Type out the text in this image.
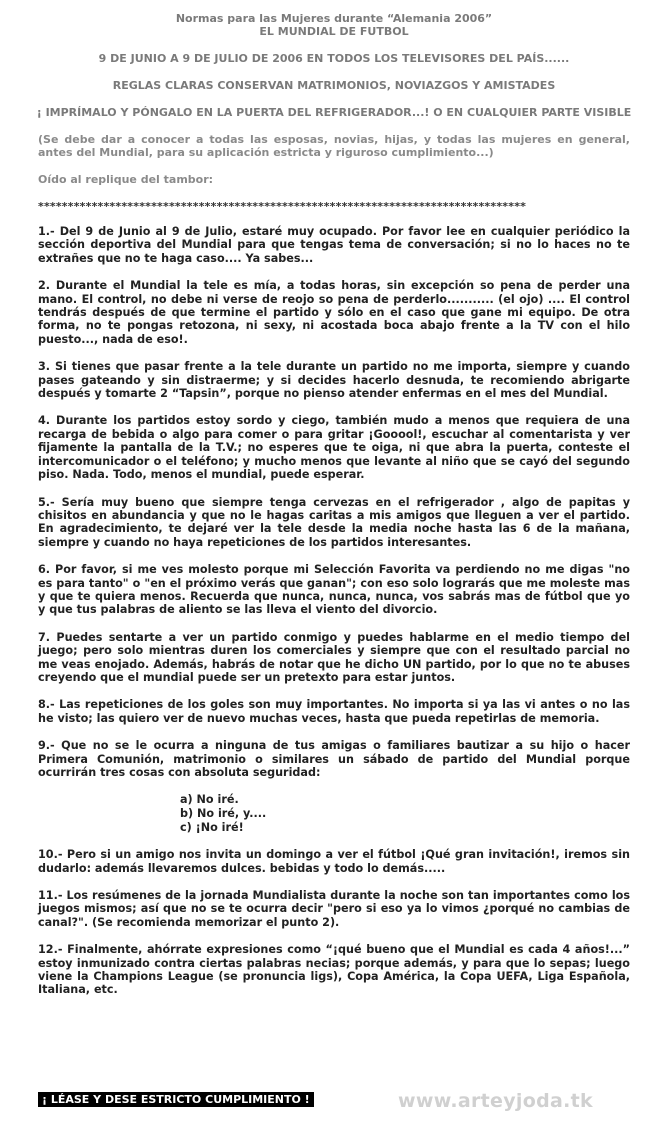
Normas para las Mujeres durante “Alemania 2006”
EL MUNDIAL DE FUTBOL
9 DE JUNIO A 9 DE JULIO DE 2006 EN TODOS LOS TELEVISORES DEL PAÍS......
REGLAS CLARAS CONSERVAN MATRIMONIOS, NOVIAZGOS Y AMISTADES
¡ IMPRÍMALO Y PÓNGALO EN LA PUERTA DEL REFRIGERADOR...! O EN CUALQUIER PARTE VISIBLE
(Se debe dar a conocer a todas las esposas, novias, hijas, y todas las mujeres en general, antes del Mundial, para su aplicación estricta y riguroso cumplimiento...)
Oído al replique del tambor:
**********************************************************************************

1.- Del 9 de Junio al 9 de Julio, estaré muy ocupado. Por favor lee en cualquier periódico la sección deportiva del Mundial para que tengas tema de conversación; si no lo haces no te extrañes que no te haga caso.... Ya sabes...

2. Durante el Mundial la tele es mía, a todas horas, sin excepción so pena de perder una mano. El control, no debe ni verse de reojo so pena de perderlo........... (el ojo) .... El control tendrás después de que termine el partido y sólo en el caso que gane mi equipo. De otra forma, no te pongas retozona, ni sexy, ni acostada boca abajo frente a la TV con el hilo puesto..., nada de eso!.

3. Si tienes que pasar frente a la tele durante un partido no me importa, siempre y cuando pases gateando y sin distraerme; y si decides hacerlo desnuda, te recomiendo abrigarte después y tomarte 2 “Tapsin”, porque no pienso atender enfermas en el mes del Mundial.

4. Durante los partidos estoy sordo y ciego, también mudo a menos que requiera de una recarga de bebida o algo para comer o para gritar ¡Gooool!, escuchar al comentarista y ver fijamente la pantalla de la T.V.; no esperes que te oiga, ni que abra la puerta, conteste el intercomunicador o el teléfono; y mucho menos que levante al niño que se cayó del segundo piso. Nada. Todo, menos el mundial, puede esperar.

5.- Sería muy bueno que siempre tenga cervezas en el refrigerador , algo de papitas y chisitos en abundancia y que no le hagas caritas a mis amigos que lleguen a ver el partido. En agradecimiento, te dejaré ver la tele desde la media noche hasta las 6 de la mañana, siempre y cuando no haya repeticiones de los partidos interesantes.

6. Por favor, si me ves molesto porque mi Selección Favorita va perdiendo no me digas "no es para tanto" o "en el próximo verás que ganan"; con eso solo lograrás que me moleste mas y que te quiera menos. Recuerda que nunca, nunca, nunca, vos sabrás mas de fútbol que yo y que tus palabras de aliento se las lleva el viento del divorcio.

7. Puedes sentarte a ver un partido conmigo y puedes hablarme en el medio tiempo del juego; pero solo mientras duren los comerciales y siempre que con el resultado parcial no me veas enojado. Además, habrás de notar que he dicho UN partido, por lo que no te abuses creyendo que el mundial puede ser un pretexto para estar juntos.

8.- Las repeticiones de los goles son muy importantes. No importa si ya las vi antes o no las he visto; las quiero ver de nuevo muchas veces, hasta que pueda repetirlas de memoria.

9.- Que no se le ocurra a ninguna de tus amigas o familiares bautizar a su hijo o hacer Primera Comunión, matrimonio o similares un sábado de partido del Mundial porque ocurrirán tres cosas con absoluta seguridad:

a) No iré.
b) No iré, y....
c) ¡No iré!

10.- Pero si un amigo nos invita un domingo a ver el fútbol ¡Qué gran invitación!, iremos sin dudarlo: además llevaremos dulces. bebidas y todo lo demás.....

11.- Los resúmenes de la jornada Mundialista durante la noche son tan importantes como los juegos mismos; así que no se te ocurra decir "pero si eso ya lo vimos ¿porqué no cambias de canal?". (Se recomienda memorizar el punto 2).

12.- Finalmente, ahórrate expresiones como “¡qué bueno que el Mundial es cada 4 años!...” estoy inmunizado contra ciertas palabras necias; porque además, y para que lo sepas; luego viene la Champions League (se pronuncia ligs), Copa América, la Copa UEFA, Liga Española, Italiana, etc.

¡ LÉASE Y DESE ESTRICTO CUMPLIMIENTO !	www.arteyjoda.tk
